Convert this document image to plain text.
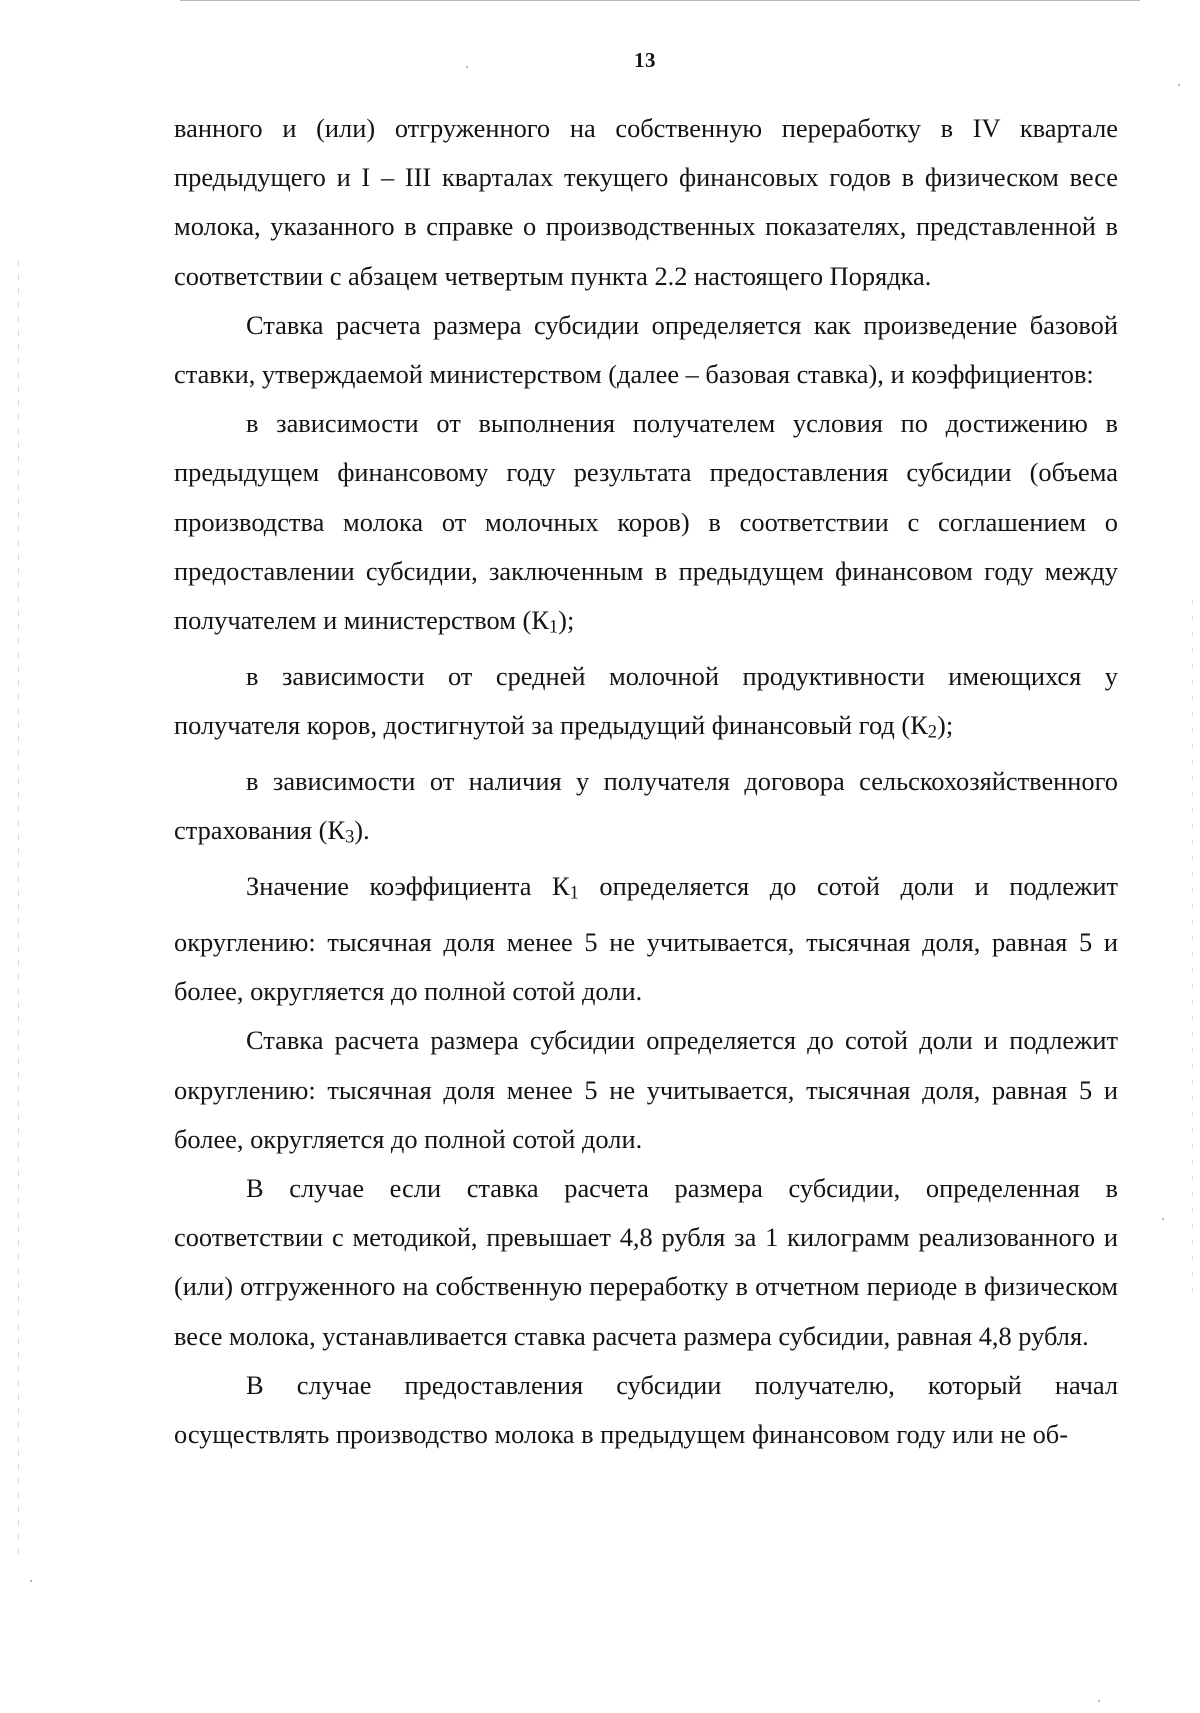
13

ванного и (или) отгруженного на собственную переработку в IV квартале предыдущего и I – III кварталах текущего финансовых годов в физическом весе молока, указанного в справке о производственных показателях, представленной в соответствии с абзацем четвертым пункта 2.2 настоящего Порядка.

Ставка расчета размера субсидии определяется как произведение базовой ставки, утверждаемой министерством (далее – базовая ставка), и коэффициентов:

в зависимости от выполнения получателем условия по достижению в предыдущем финансовому году результата предоставления субсидии (объема производства молока от молочных коров) в соответствии с соглашением о предоставлении субсидии, заключенным в предыдущем финансовом году между получателем и министерством $(К_1)$;

в зависимости от средней молочной продуктивности имеющихся у получателя коров, достигнутой за предыдущий финансовый год $(К_2)$;

в зависимости от наличия у получателя договора сельскохозяйственного страхования $(К_3)$.

Значение коэффициента $К_1$ определяется до сотой доли и подлежит округлению: тысячная доля менее 5 не учитывается, тысячная доля, равная 5 и более, округляется до полной сотой доли.

Ставка расчета размера субсидии определяется до сотой доли и подлежит округлению: тысячная доля менее 5 не учитывается, тысячная доля, равная 5 и более, округляется до полной сотой доли.

В случае если ставка расчета размера субсидии, определенная в соответствии с методикой, превышает 4,8 рубля за 1 килограмм реализованного и (или) отгруженного на собственную переработку в отчетном периоде в физическом весе молока, устанавливается ставка расчета размера субсидии, равная 4,8 рубля.

В случае предоставления субсидии получателю, который начал осуществлять производство молока в предыдущем финансовом году или не об-
